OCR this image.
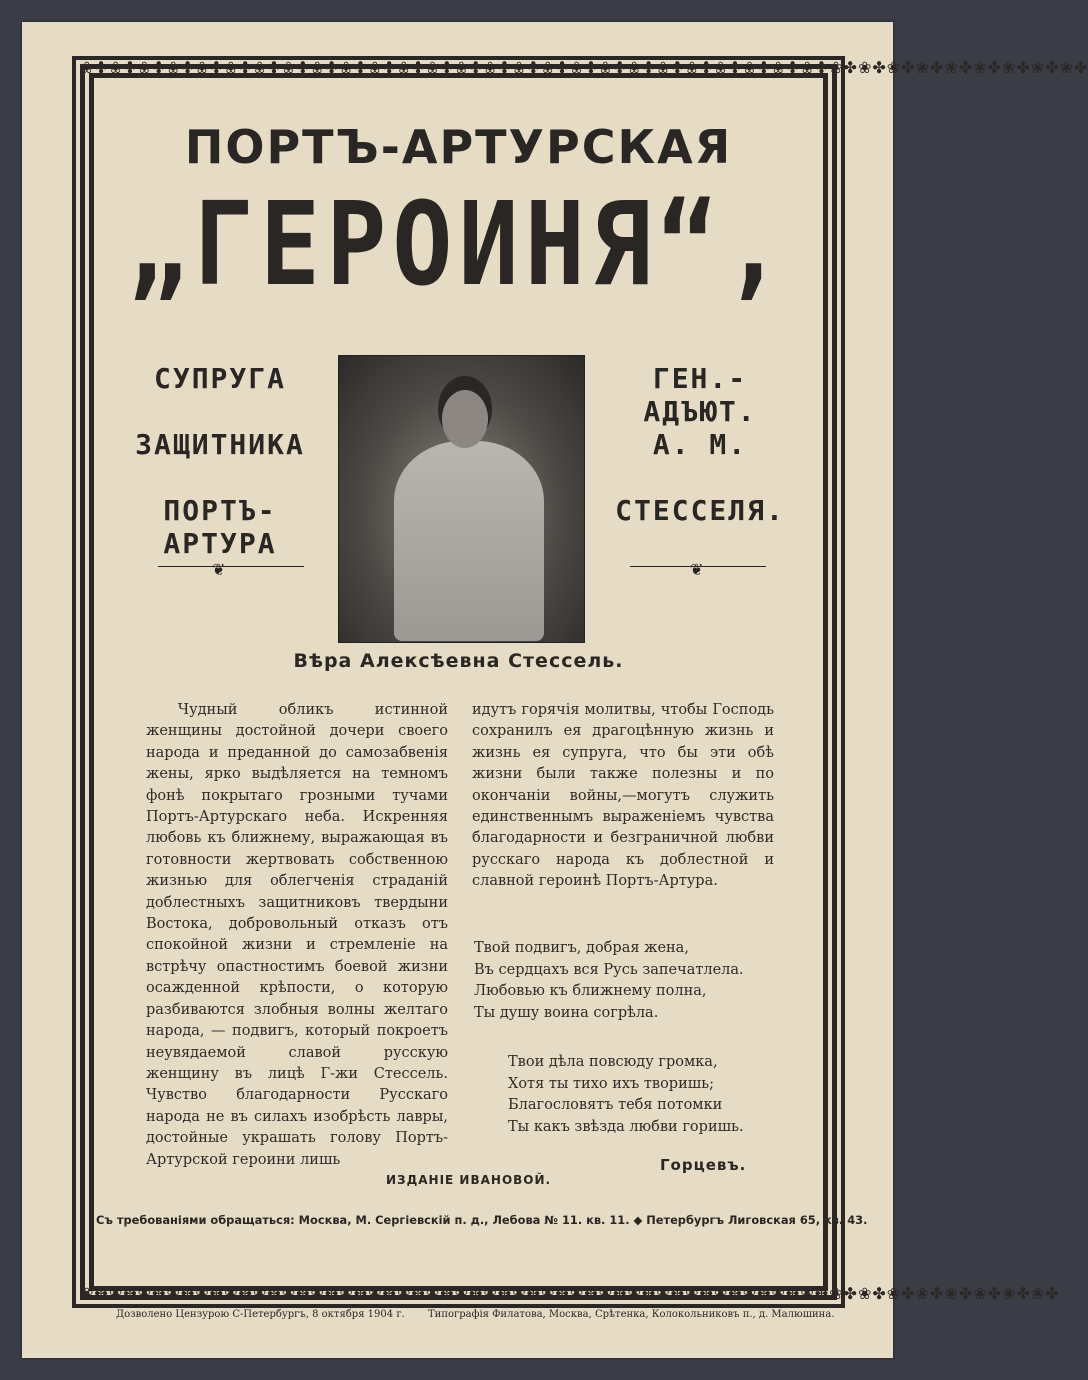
❀✤❀✤❀✤❀✤❀✤❀✤❀✤❀✤❀✤❀✤❀✤❀✤❀✤❀✤❀✤❀✤❀✤❀✤❀✤❀✤❀✤❀✤❀✤❀✤❀✤❀✤❀✤❀✤❀✤❀✤❀✤❀✤❀✤❀✤❀✤
❀✤❀✤❀✤❀✤❀✤❀✤❀✤❀✤❀✤❀✤❀✤❀✤❀✤❀✤❀✤❀✤❀✤❀✤❀✤❀✤❀✤❀✤❀✤❀✤❀✤❀✤❀✤❀✤❀✤❀✤❀✤❀✤❀✤❀✤
ПОРТЪ-АРТУРСКАЯ
„ГЕРОИНЯ“,
СУПРУГА
ЗАЩИТНИКА
ПОРТЪ-АРТУРА
ГЕН.-АДЪЮТ.
А. М.
СТЕССЕЛЯ.
❦	❦
Вѣра Алексѣевна Стессель.

Чудный обликъ истинной женщины достойной дочери своего народа и преданной до самозабвенія жены, ярко выдѣляется на темномъ фонѣ покрытаго грозными тучами Портъ-Артурскаго неба. Искренняя любовь къ ближнему, выражающая въ готовности жертвовать собственною жизнью для облегченія страданій доблестныхъ защитниковъ твердыни Востока, добровольный отказъ отъ спокойной жизни и стремленіе на встрѣчу опастностимъ боевой жизни осажденной крѣпости, о которую разбиваются злобныя волны желтаго народа, — подвигъ, который покроетъ неувядаемой славой русскую женщину въ лицѣ Г-жи Стессель. Чувство благодарности Русскаго народа не въ силахъ изобрѣсть лавры, достойные украшать голову Портъ-Артурской героини лишь

идутъ горячія молитвы, чтобы Господь сохранилъ ея драгоцѣнную жизнь и жизнь ея супруга, что бы эти обѣ жизни были также полезны и по окончаніи войны,—могутъ служить единственнымъ выраженіемъ чувства благодарности и безграничной любви русскаго народа къ доблестной и славной героинѣ Портъ-Артура.

Твой подвигъ, добрая жена,
Въ сердцахъ вся Русь запечатлела.
Любовью къ ближнему полна,
Ты душу воина согрѣла.
Твои дѣла повсюду громка,
Хотя ты тихо ихъ творишь;
Благословятъ тебя потомки
Ты какъ звѣзда любви горишь.
Горцевъ.
ИЗДАНІЕ ИВАНОВОЙ.
Съ требованіями обращаться: Москва, М. Сергіевскій п. д., Лебова № 11. кв. 11. ◆ Петербургъ Лиговская 65, кв. 43.
Дозволено Цензурою С-Петербургъ, 8 октября 1904 г. Типографія Филатова, Москва, Срѣтенка, Колокольниковъ п., д. Малюшина.
